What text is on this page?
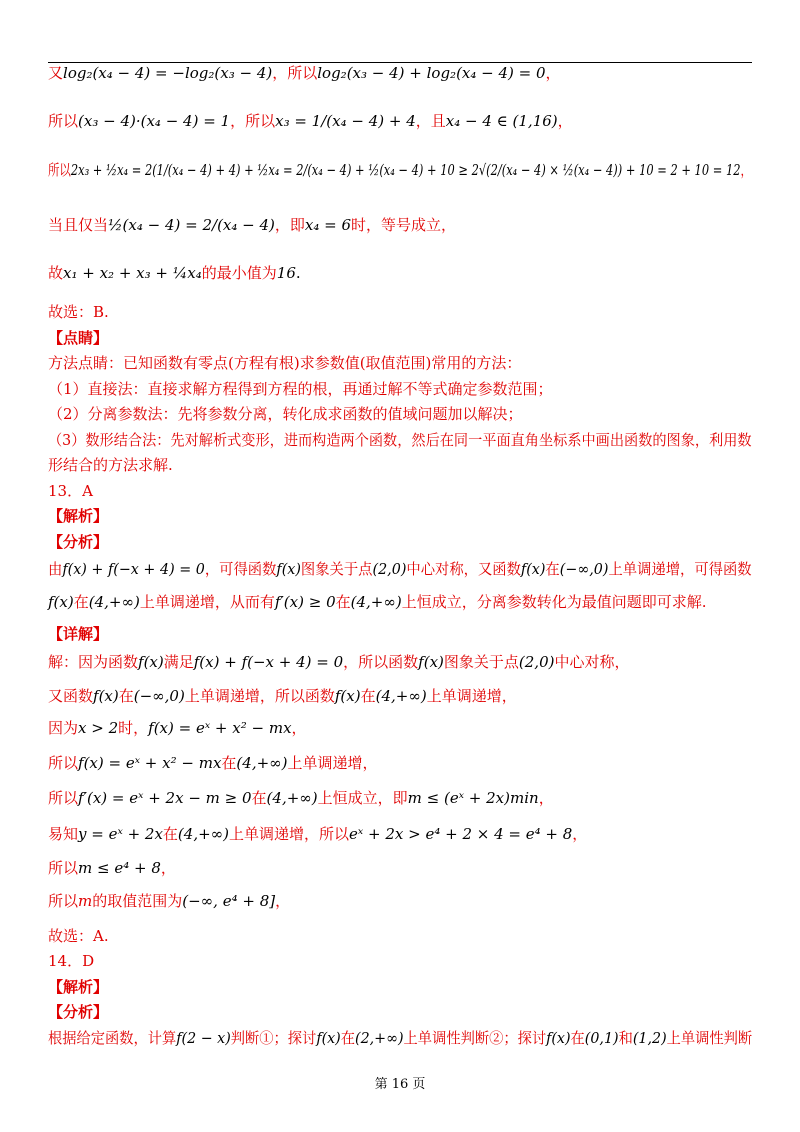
又log₂(x₄ − 4) = −log₂(x₃ − 4)，所以log₂(x₃ − 4) + log₂(x₄ − 4) = 0，
所以(x₃ − 4)·(x₄ − 4) = 1，所以x₃ = 1/(x₄ − 4) + 4，且x₄ − 4 ∈ (1,16)，
所以2x₃ + ½x₄ = 2(1/(x₄ − 4) + 4) + ½x₄ = 2/(x₄ − 4) + ½(x₄ − 4) + 10 ≥ 2√(2/(x₄ − 4) × ½(x₄ − 4)) + 10 = 2 + 10 = 12，
当且仅当½(x₄ − 4) = 2/(x₄ − 4)，即x₄ = 6时，等号成立，
故x₁ + x₂ + x₃ + ¼x₄的最小值为16.
故选：B.
【点睛】
方法点睛：已知函数有零点(方程有根)求参数值(取值范围)常用的方法：
（1）直接法：直接求解方程得到方程的根，再通过解不等式确定参数范围；
（2）分离参数法：先将参数分离，转化成求函数的值域问题加以解决；
（3）数形结合法：先对解析式变形，进而构造两个函数，然后在同一平面直角坐标系中画出函数的图象，利用数
形结合的方法求解.
13．A
【解析】
【分析】
由f(x) + f(−x + 4) = 0，可得函数f(x)图象关于点(2,0)中心对称，又函数f(x)在(−∞,0)上单调递增，可得函数
f(x)在(4,+∞)上单调递增，从而有f′(x) ≥ 0在(4,+∞)上恒成立，分离参数转化为最值问题即可求解.
【详解】
解：因为函数f(x)满足f(x) + f(−x + 4) = 0，所以函数f(x)图象关于点(2,0)中心对称，
又函数f(x)在(−∞,0)上单调递增，所以函数f(x)在(4,+∞)上单调递增，
因为x > 2时，f(x) = eˣ + x² − mx，
所以f(x) = eˣ + x² − mx在(4,+∞)上单调递增，
所以f′(x) = eˣ + 2x − m ≥ 0在(4,+∞)上恒成立，即m ≤ (eˣ + 2x)min，
易知y = eˣ + 2x在(4,+∞)上单调递增，所以eˣ + 2x > e⁴ + 2 × 4 = e⁴ + 8，
所以m ≤ e⁴ + 8，
所以m的取值范围为(−∞, e⁴ + 8]，
故选：A.
14．D
【解析】
【分析】
根据给定函数，计算f(2 − x)判断①；探讨f(x)在(2,+∞)上单调性判断②；探讨f(x)在(0,1)和(1,2)上单调性判断
第 16 页
